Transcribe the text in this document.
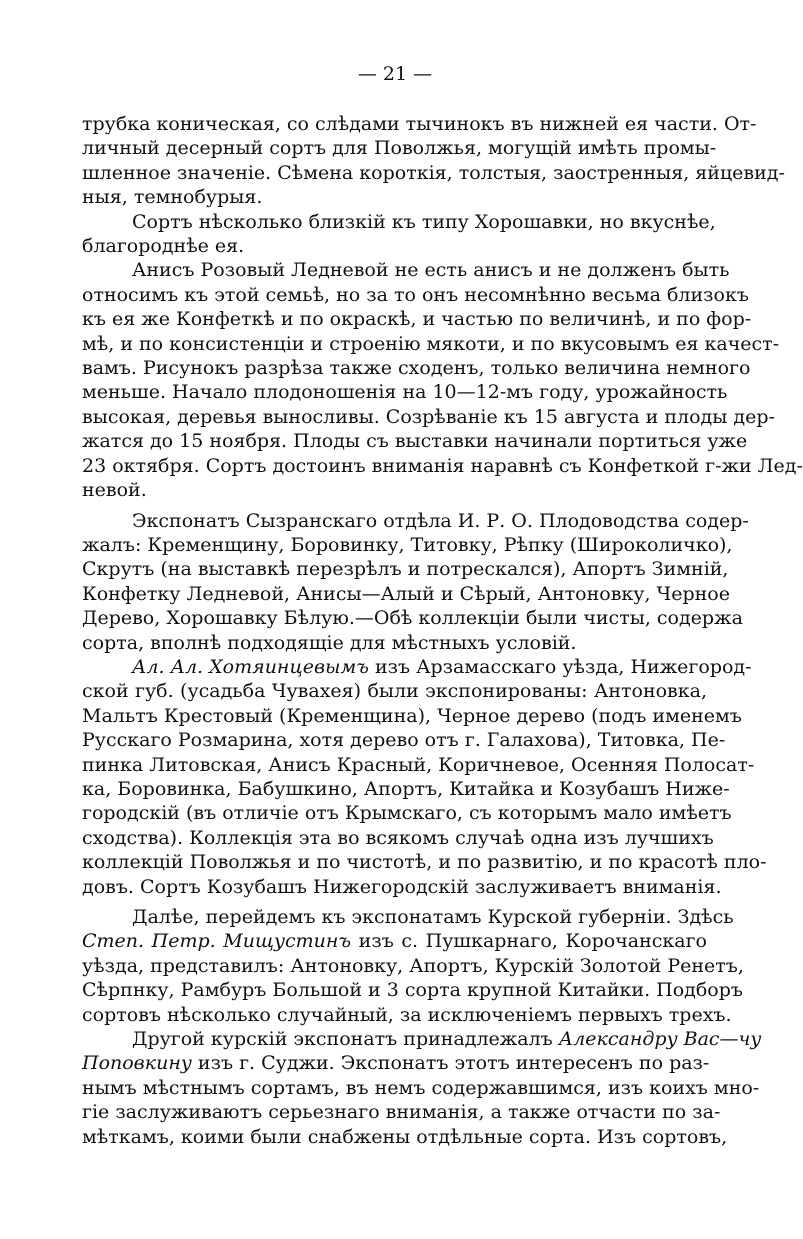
— 21 —
трубка коническая, со слѣдами тычинокъ въ нижней ея части. От-
личный десерный сортъ для Поволжья, могущій имѣть промы-
шленное значеніе. Сѣмена короткія, толстыя, заостренныя, яйцевид-
ныя, темнобурыя.
Сортъ нѣсколько близкій къ типу Хорошавки, но вкуснѣе,
благороднѣе ея.
Анисъ Розовый Ледневой не есть анисъ и не долженъ быть
относимъ къ этой семьѣ, но за то онъ несомнѣнно весьма близокъ
къ ея же Конфеткѣ и по окраскѣ, и частью по величинѣ, и по фор-
мѣ, и по консистенціи и строенію мякоти, и по вкусовымъ ея качест-
вамъ. Рисунокъ разрѣза также сходенъ, только величина немного
меньше. Начало плодоношенія на 10—12-мъ году, урожайность
высокая, деревья выносливы. Созрѣваніе къ 15 августа и плоды дер-
жатся до 15 ноября. Плоды съ выставки начинали портиться уже
23 октября. Сортъ достоинъ вниманія наравнѣ съ Конфеткой г-жи Лед-
невой.
Экспонатъ Сызранскаго отдѣла И. Р. О. Плодоводства содер-
жалъ: Кременщину, Боровинку, Титовку, Рѣпку (Широколичко),
Скрутъ (на выставкѣ перезрѣлъ и потрескался), Апортъ Зимній,
Конфетку Ледневой, Анисы—Алый и Сѣрый, Антоновку, Черное
Дерево, Хорошавку Бѣлую.—Обѣ коллекціи были чисты, содержа
сорта, вполнѣ подходящіе для мѣстныхъ условій.
Ал. Ал. Хотяинцевымъ изъ Арзамасскаго уѣзда, Нижегород-
ской губ. (усадьба Чувахея) были экспонированы: Антоновка,
Мальтъ Крестовый (Кременщина), Черное дерево (подъ именемъ
Русскаго Розмарина, хотя дерево отъ г. Галахова), Титовка, Пе-
пинка Литовская, Анисъ Красный, Коричневое, Осенняя Полосат-
ка, Боровинка, Бабушкино, Апортъ, Китайка и Козубашъ Ниже-
городскій (въ отличіе отъ Крымскаго, съ которымъ мало имѣетъ
сходства). Коллекція эта во всякомъ случаѣ одна изъ лучшихъ
коллекцій Поволжья и по чистотѣ, и по развитію, и по красотѣ пло-
довъ. Сортъ Козубашъ Нижегородскій заслуживаетъ вниманія.
Далѣе, перейдемъ къ экспонатамъ Курской губерніи. Здѣсь
Степ. Петр. Мищустинъ изъ с. Пушкарнаго, Корочанскаго
уѣзда, представилъ: Антоновку, Апортъ, Курскій Золотой Ренетъ,
Сѣрпнку, Рамбуръ Большой и 3 сорта крупной Китайки. Подборъ
сортовъ нѣсколько случайный, за исключеніемъ первыхъ трехъ.
Другой курскій экспонатъ принадлежалъ Александру Вас—чу
Поповкину изъ г. Суджи. Экспонатъ этотъ интересенъ по раз-
нымъ мѣстнымъ сортамъ, въ немъ содержавшимся, изъ коихъ мно-
гіе заслуживаютъ серьезнаго вниманія, а также отчасти по за-
мѣткамъ, коими были снабжены отдѣльные сорта. Изъ сортовъ,
